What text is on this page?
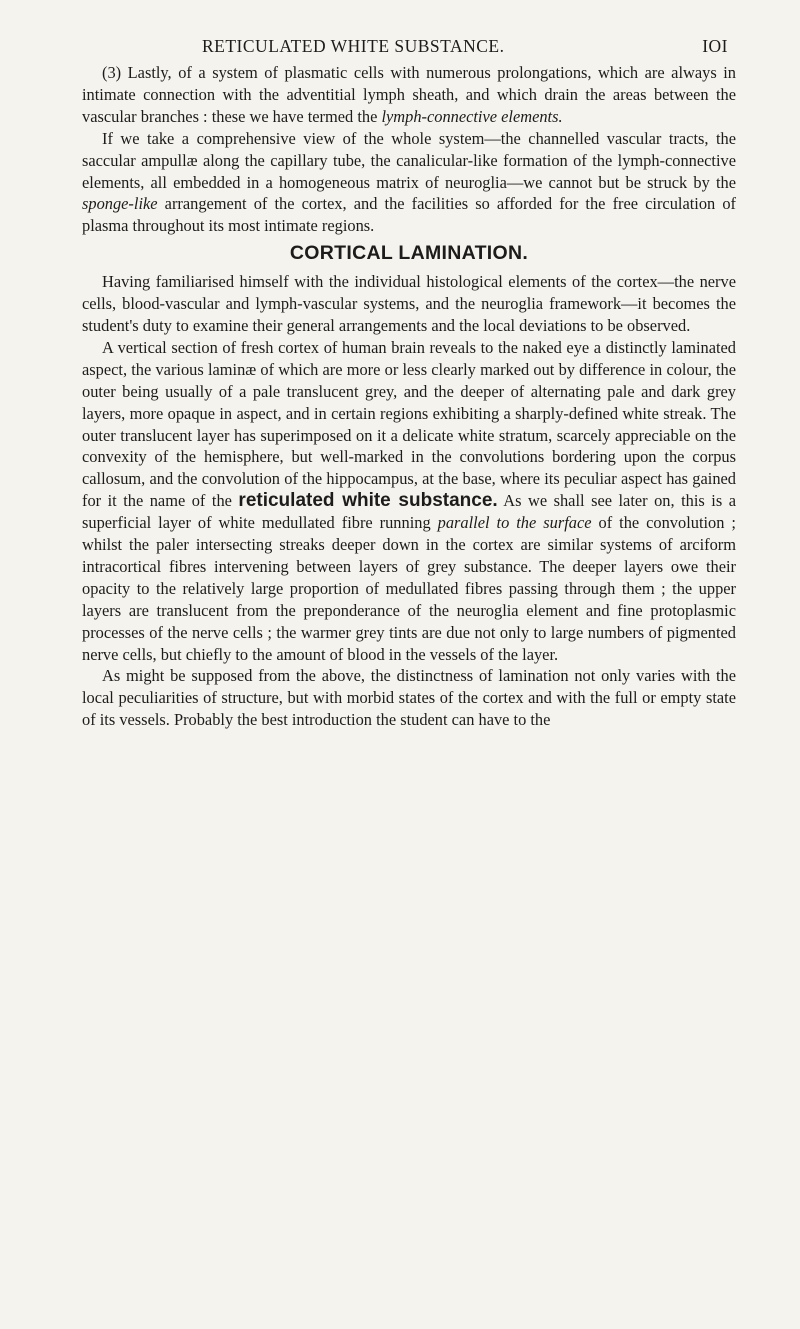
RETICULATED WHITE SUBSTANCE.	IOI

(3) Lastly, of a system of plasmatic cells with numerous prolongations, which are always in intimate connection with the adventitial lymph sheath, and which drain the areas between the vascular branches : these we have termed the lymph-connective elements.

If we take a comprehensive view of the whole system—the channelled vascular tracts, the saccular ampullæ along the capillary tube, the canalicular-like formation of the lymph-connective elements, all embedded in a homogeneous matrix of neuroglia—we cannot but be struck by the sponge-like arrangement of the cortex, and the facilities so afforded for the free circulation of plasma throughout its most intimate regions.

CORTICAL LAMINATION.

Having familiarised himself with the individual histological elements of the cortex—the nerve cells, blood-vascular and lymph-vascular systems, and the neuroglia framework—it becomes the student's duty to examine their general arrangements and the local deviations to be observed.

A vertical section of fresh cortex of human brain reveals to the naked eye a distinctly laminated aspect, the various laminæ of which are more or less clearly marked out by difference in colour, the outer being usually of a pale translucent grey, and the deeper of alternating pale and dark grey layers, more opaque in aspect, and in certain regions exhibiting a sharply-defined white streak. The outer translucent layer has superimposed on it a delicate white stratum, scarcely appreciable on the convexity of the hemisphere, but well-marked in the convolutions bordering upon the corpus callosum, and the convolution of the hippocampus, at the base, where its peculiar aspect has gained for it the name of the reticulated white substance. As we shall see later on, this is a superficial layer of white medullated fibre running parallel to the surface of the convolution ; whilst the paler intersecting streaks deeper down in the cortex are similar systems of arciform intracortical fibres intervening between layers of grey substance. The deeper layers owe their opacity to the relatively large proportion of medullated fibres passing through them ; the upper layers are translucent from the preponderance of the neuroglia element and fine protoplasmic processes of the nerve cells ; the warmer grey tints are due not only to large numbers of pigmented nerve cells, but chiefly to the amount of blood in the vessels of the layer.

As might be supposed from the above, the distinctness of lamination not only varies with the local peculiarities of structure, but with morbid states of the cortex and with the full or empty state of its vessels. Probably the best introduction the student can have to the
